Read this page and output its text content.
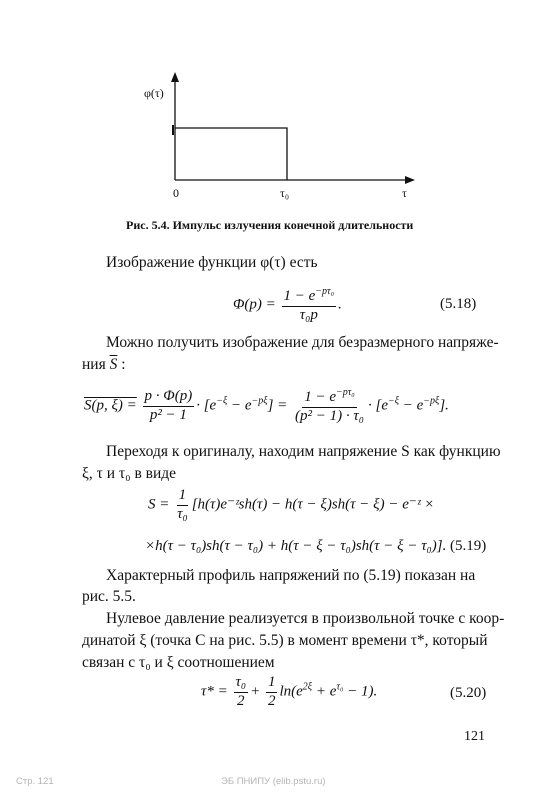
φ(τ)
0	τ₀	τ
Рис. 5.4. Импульс излучения конечной длительности
Изображение функции φ(τ) есть
$\Phi(p) = \frac{1 - e^{-p\tau_0}}{\text{τ₀p}}$ .	(5.18)
Можно получить изображение для безразмерного напряже-
ния $\overline{S}$ :
S(p, $\xi) = \frac{p \cdot \Phi(p)}{\text{p² − 1}} \cdot [e^{-\xi} - e^{-p\xi}] = \frac{1 - e^{-p\tau_0}}{\text{(p² − 1) · τ₀}} \cdot [e^{-\xi} - e^{-p\xi}]$.
Переходя к оригиналу, находим напряжение S как функцию
ξ, τ и τ₀ в виде
$S = \frac{1}{\text{τ₀}}$ [h(τ)e⁻ᶻsh(τ) − h(τ − ξ)sh(τ − ξ) − e⁻ᶻ ×
×h(τ − τ₀)sh(τ − τ₀) + h(τ − ξ − τ₀)sh(τ − ξ − τ₀)]. (5.19)
Характерный профиль напряжений по (5.19) показан на
рис. 5.5.
Нулевое давление реализуется в произвольной точке с коор-
динатой ξ (точка C на рис. 5.5) в момент времени τ*, который
связан с τ₀ и ξ соотношением
$\tau* = \frac{\text{τ₀}}{2} + \frac{1}{2} \ln(e^{2\xi} + e^{\tau_0} - 1)$.	(5.20)
121
Стр. 121	ЭБ ПНИПУ (elib.pstu.ru)
